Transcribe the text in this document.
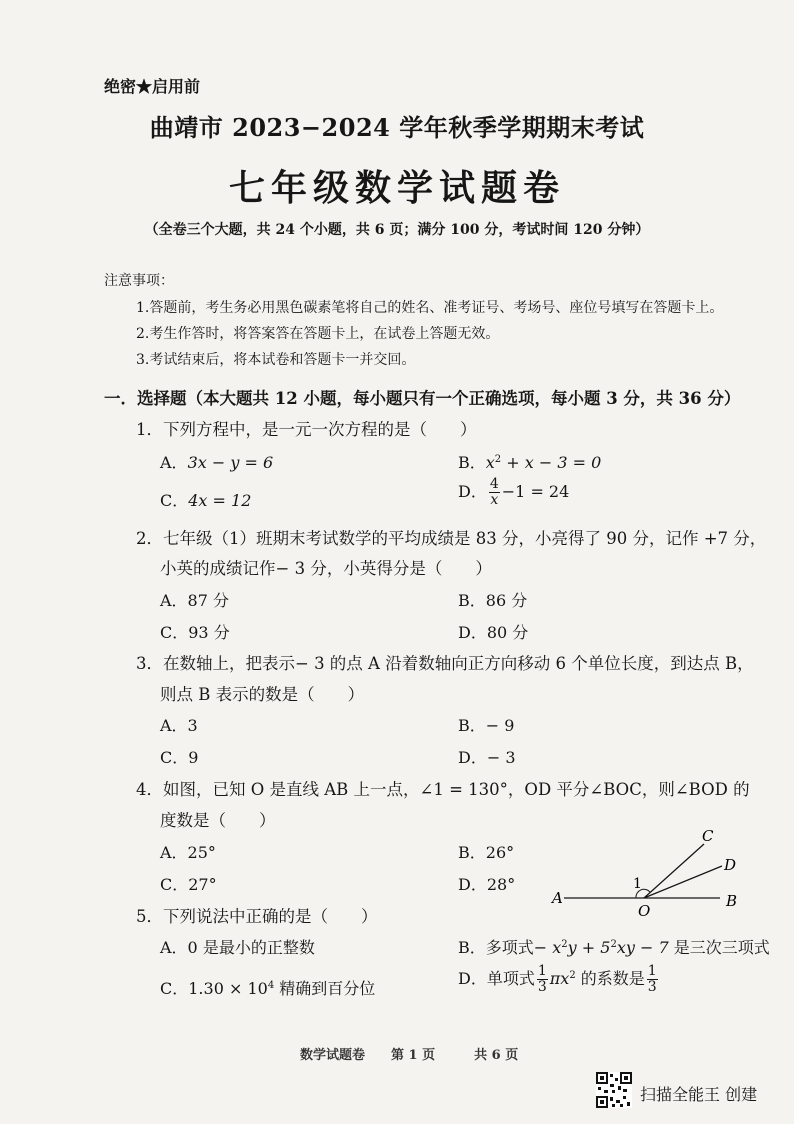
绝密★启用前
曲靖市 2023−2024 学年秋季学期期末考试
七年级数学试题卷
（全卷三个大题，共 24 个小题，共 6 页；满分 100 分，考试时间 120 分钟）
注意事项：
1.答题前，考生务必用黑色碳素笔将自己的姓名、准考证号、考场号、座位号填写在答题卡上。
2.考生作答时，将答案答在答题卡上，在试卷上答题无效。
3.考试结束后，将本试卷和答题卡一并交回。
一．选择题（本大题共 12 小题，每小题只有一个正确选项，每小题 3 分，共 36 分）
1．下列方程中，是一元一次方程的是（　　）
A．3x − y = 6	B．$x^2 + x - 3 = 0$
C．4x = 12	D． $\frac{4}{x} -1 = 24$
2．七年级（1）班期末考试数学的平均成绩是 83 分，小亮得了 90 分，记作 +7 分，
小英的成绩记作− 3 分，小英得分是（　　）
A．87 分	B．86 分
C．93 分	D．80 分
3．在数轴上，把表示− 3 的点 A 沿着数轴向正方向移动 6 个单位长度，到达点 B，
则点 B 表示的数是（　　）
A．3	B．− 9
C．9	D．− 3
4．如图，已知 O 是直线 AB 上一点，∠1 = 130°，OD 平分∠BOC，则∠BOD 的
度数是（　　）
A．25°	B．26°
C．27°	D．28°
A	B
C
D
O
1
5．下列说法中正确的是（　　）
A．0 是最小的正整数	B．多项式− $x^2y + 5^2xy - 7$ 是三次三项式
C．$1.30 \times 10^4$ 精确到百分位
D．单项式 $\frac{1}{3} \pi x^2$ 的系数是 $\frac{1}{3}$
数学试题卷　　第 1 页　　　共 6 页
扫描全能王 创建
